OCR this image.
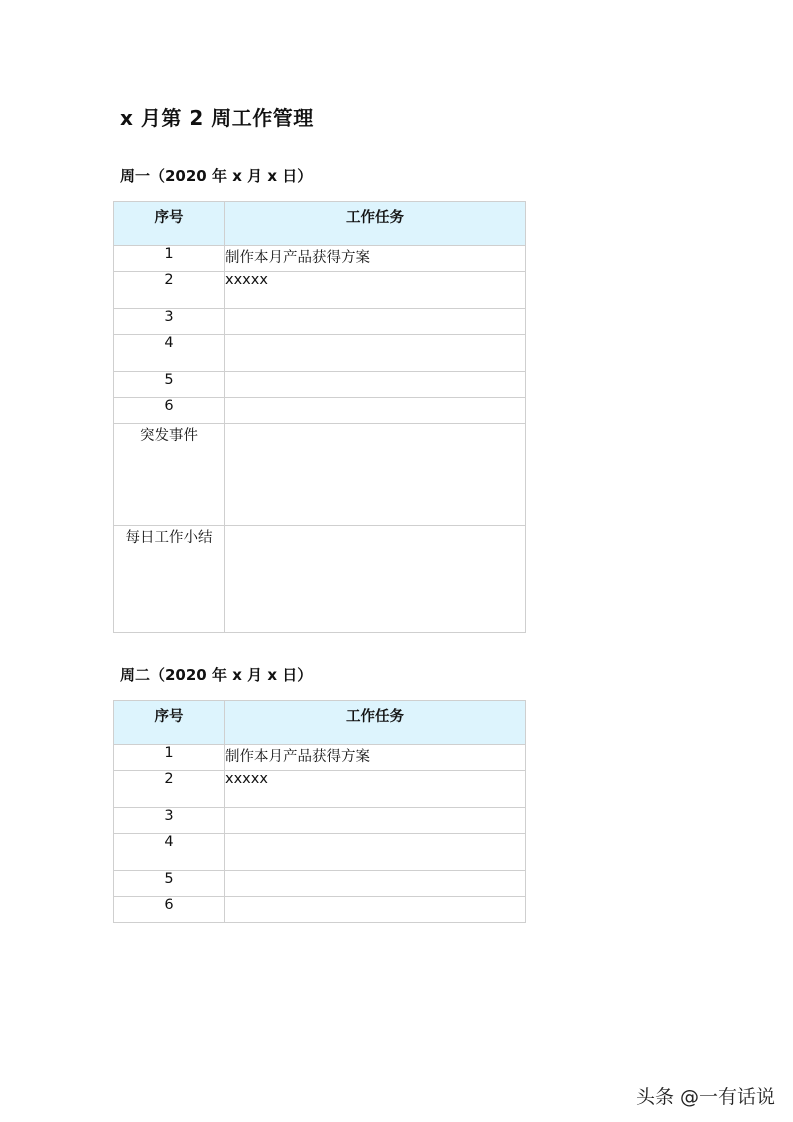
x 月第 2 周工作管理
周一（2020 年 x 月 x 日）
序号	工作任务
1	制作本月产品获得方案
2	xxxxx
3	
4	
5	
6	
突发事件	
每日工作小结	
周二（2020 年 x 月 x 日）
序号	工作任务
1	制作本月产品获得方案
2	xxxxx
3	
4	
5	
6	
头条 @一有话说
